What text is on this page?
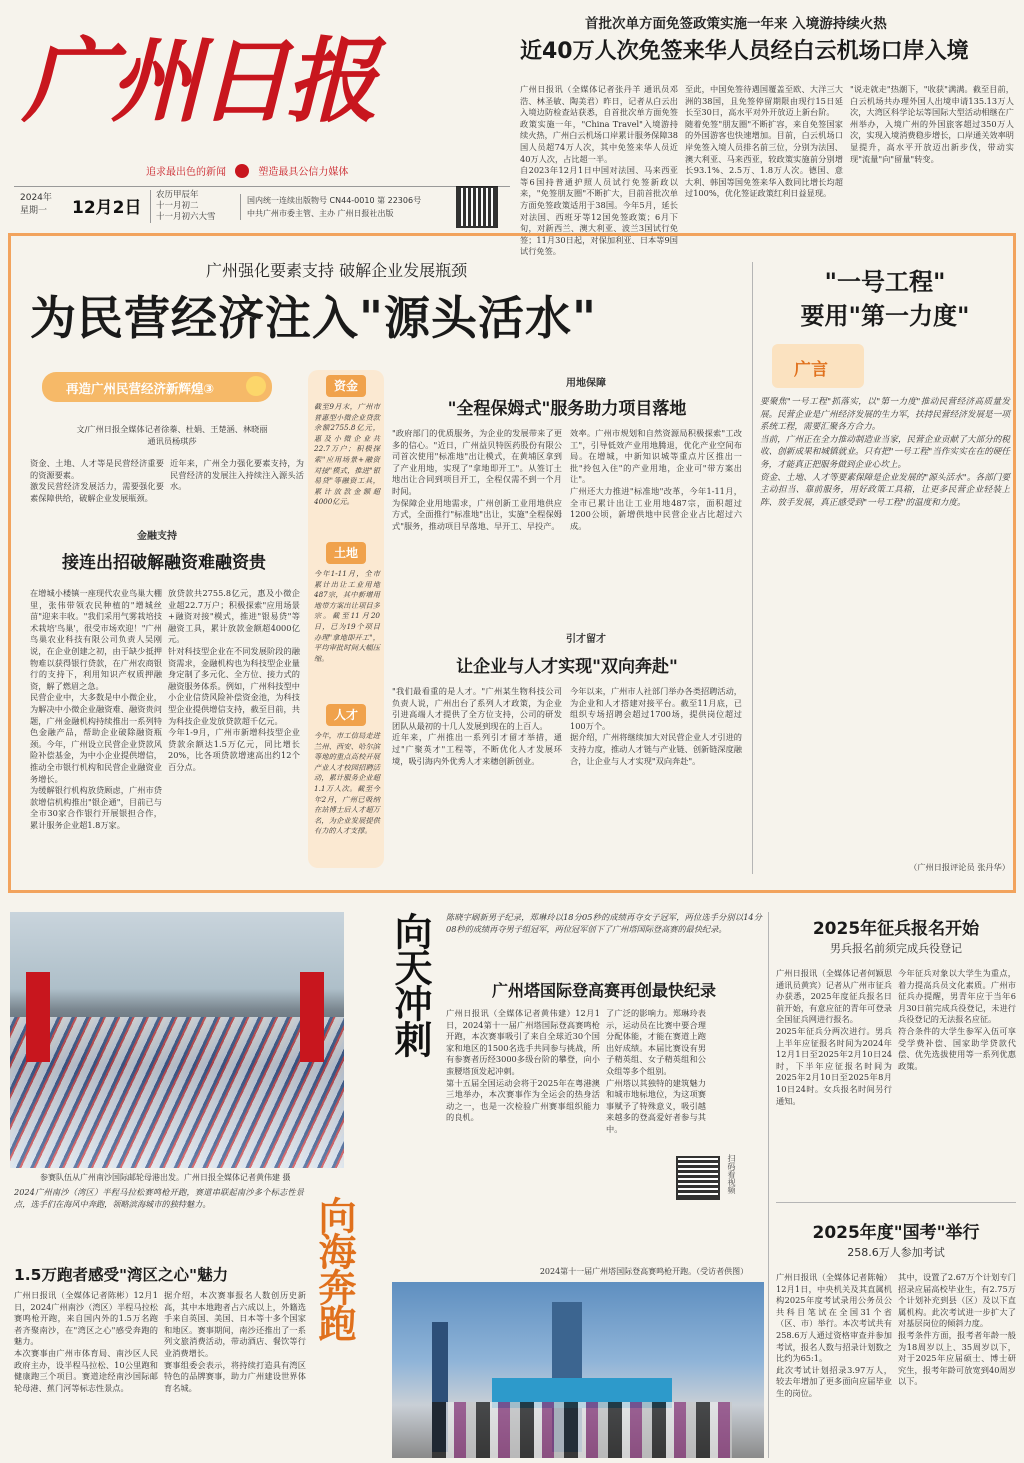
广州日报
追求最出色的新闻	塑造最具公信力媒体
2024年
星期一 12月2日
农历甲辰年
十一月初二
十一月初六大雪
国内统一连续出版物号 CN44-0010 第 22306号
中共广州市委主管、主办 广州日报社出版
首批次单方面免签政策实施一年来 入境游持续火热
近40万人次免签来华人员经白云机场口岸入境
广州日报讯（全媒体记者张丹羊 通讯员邓浩、林圣敏、陶美君）昨日，记者从白云出入境边防检查站获悉，自首批次单方面免签政策实施一年，"China Travel"入境游持续火热，广州白云机场口岸累计服务保障38国人员超74万人次，其中免签来华人员近40万人次，占比超一半。
自2023年12月1日中国对法国、马来西亚等6国持普通护照人员试行免签新政以来，"免签朋友圈"不断扩大，目前首批次单方面免签政策适用于38国。今年5月，延长对法国、西班牙等12国免签政策；6月下旬，对新西兰、澳大利亚、波兰3国试行免签；11月30日起，对保加利亚、日本等9国试行免签。
至此，中国免签待遇国覆盖至欧、大洋三大洲的38国，且免签停留期限由现行15日延长至30日，高水平对外开放迈上新台阶。
随着免签"朋友圈"不断扩容，来自免签国家的外国游客也快速增加。目前，白云机场口岸免签入境人员排名前三位，分别为法国、澳大利亚、马来西亚，较政策实施前分别增长93.1%、2.5万、1.8万人次。德国、意大利、韩国等国免签来华入数同比增长均超过100%，优化签证政策红利日益显现。
"说走就走"热潮下，"收获"满满。截至目前，白云机场共办理外国人出境申请135.13万人次，大湾区科学论坛等国际大型活动相继在广州举办，入境广州的外国旅客超过350万人次，实现入境消费稳步增长，口岸通关效率明显提升，高水平开放迈出新步伐，带动实现"流量"向"留量"转变。
广州强化要素支持 破解企业发展瓶颈
为民营经济注入"源头活水"
再造广州民营经济新辉煌③
文/广州日报全媒体记者徐蓁、杜娟、王楚涵、林晓丽
通讯员杨琪莎
资金、土地、人才等是民营经济重要的资源要素。
激发民营经济发展活力，需要强化要素保障供给，破解企业发展瓶颈。
近年来，广州全力强化要素支持，为民营经济的发展注入持续注入源头活水。
金融支持
接连出招破解融资难融资贵
在增城小楼镇一座现代农业鸟巢大棚里，张伟带领农民种植的"增城丝苗"迎来丰收。"我们采用气雾栽培技术栽培'鸟巢'，很受市场欢迎！"广州鸟巢农业科技有限公司负责人吴刚说，在企业创建之初，由于缺少抵押物难以获得银行贷款，在广州农商银行的支持下，利用知识产权质押融资，解了燃眉之急。
民营企业中，大多数是中小微企业，为解决中小微企业融资难、融资贵问题，广州金融机构持续推出一系列特色金融产品，帮助企业破除融资瓶颈。今年，广州设立民营企业贷款风险补偿基金，为中小企业提供增信，推动全市银行机构和民营企业融资业务增长。
为缓解银行机构放贷顾虑，广州市贷款增信机构推出"银企通"，目前已与全市30家合作银行开展银担合作，累计服务企业超1.8万家。
放贷款共2755.8亿元，惠及小微企业超22.7万户；积极探索"应用场景+融资对接"模式，推进"银易贷"等融资工具，累计放款金额超4000亿元。
针对科技型企业在不同发展阶段的融资需求，金融机构也为科技型企业量身定制了多元化、全方位、接力式的融资服务体系。例如，广州科技型中小企业信贷风险补偿资金池，为科技型企业提供增信支持，截至目前，共为科技企业发放贷款超千亿元。
今年1-9月，广州市新增科技型企业贷款余额达1.5万亿元，同比增长20%，比各项贷款增速高出约12个百分点。
资金
截至9月末，广州市普惠型小微企业贷款余额2755.8亿元，惠及小微企业共22.7万户；积极探索"应用场景+融资对接"模式，推进"银易贷"等融资工具，累计放款金额超4000亿元。
土地
今年1-11月，全市累计出让工业用地487宗，其中新增用地带方案出让项目多宗。截至11月20日，已为19个项目办理"拿地即开工"，平均审批时间大幅压缩。
人才
今年，市工信局走进兰州、西安、哈尔滨等地的重点高校开展产业人才校园招聘活动，累计服务企业超1.1万人次。截至今年2月，广州已吸纳在站博士后人才超万名，为企业发展提供有力的人才支撑。
用地保障
"全程保姆式"服务助力项目落地
"政府部门的优质服务，为企业的发展带来了更多的信心。"近日，广州益贝特医药股份有限公司首次使用"标准地"出让模式，在黄埔区拿到了产业用地，实现了"拿地即开工"。从签订土地出让合同到项目开工，全程仅需不到一个月时间。
为保障企业用地需求，广州创新工业用地供应方式，全面推行"标准地"出让，实施"全程保姆式"服务，推动项目早落地、早开工、早投产。
效率。广州市规划和自然资源局积极探索"工改工"，引导低效产业用地腾退，优化产业空间布局。在增城，中新知识城等重点片区推出一批"拎包入住"的产业用地，企业可"带方案出让"。
广州还大力推进"标准地"改革，今年1-11月，全市已累计出让工业用地487宗，面积超过1200公顷，新增供地中民营企业占比超过六成。
引才留才
让企业与人才实现"双向奔赴"
"我们最看重的是人才。"广州某生物科技公司负责人说，广州出台了系列人才政策，为企业引进高端人才提供了全方位支持，公司的研发团队从最初的十几人发展到现在的上百人。
近年来，广州推出一系列引才留才举措，通过"广聚英才"工程等，不断优化人才发展环境，吸引海内外优秀人才来穗创新创业。
今年以来，广州市人社部门举办各类招聘活动，为企业和人才搭建对接平台。截至11月底，已组织专场招聘会超过1700场，提供岗位超过100万个。
据介绍，广州将继续加大对民营企业人才引进的支持力度，推动人才链与产业链、创新链深度融合，让企业与人才实现"双向奔赴"。
"一号工程"
要用"第一力度"
广言
要聚焦"一号工程"抓落实，以"第一力度"推动民营经济高质量发展。民营企业是广州经济发展的生力军，扶持民营经济发展是一项系统工程，需要汇聚各方合力。
当前，广州正在全力推动制造业当家，民营企业贡献了大部分的税收、创新成果和城镇就业。只有把"一号工程"当作实实在在的硬任务，才能真正把服务做到企业心坎上。
资金、土地、人才等要素保障是企业发展的"源头活水"。各部门要主动担当、靠前服务，用好政策工具箱，让更多民营企业轻装上阵、放手发展，真正感受到"一号工程"的温度和力度。
（广州日报评论员 张丹华）
参赛队伍从广州南沙国际邮轮母港出发。广州日报全媒体记者黄伟建 摄
2024广州南沙（湾区）半程马拉松赛鸣枪开跑，赛道串联起南沙多个标志性景点，选手们在海风中奔跑，领略滨海城市的独特魅力。
1.5万跑者感受"湾区之心"魅力
广州日报讯（全媒体记者陈彬）12月1日，2024广州南沙（湾区）半程马拉松赛鸣枪开跑，来自国内外的1.5万名跑者齐聚南沙，在"湾区之心"感受奔跑的魅力。
本次赛事由广州市体育局、南沙区人民政府主办，设半程马拉松、10公里跑和健康跑三个项目。赛道途经南沙国际邮轮母港、蕉门河等标志性景点。
据介绍，本次赛事报名人数创历史新高，其中本地跑者占六成以上，外籍选手来自英国、美国、日本等十多个国家和地区。赛事期间，南沙还推出了一系列文旅消费活动，带动酒店、餐饮等行业消费增长。
赛事组委会表示，将持续打造具有湾区特色的品牌赛事，助力广州建设世界体育名城。
向天冲刺
向海奔跑
陈晓宇刷新男子纪录，郑琳玲以18分05秒的成绩再夺女子冠军，两位选手分别以14分08秒的成绩再夺男子组冠军，两位冠军创下了广州塔国际登高赛的最快纪录。
广州塔国际登高赛再创最快纪录
广州日报讯（全媒体记者黄伟建）12月1日，2024第十一届广州塔国际登高赛鸣枪开跑，本次赛事吸引了来自全球近30个国家和地区的1500名选手共同参与挑战，所有参赛者历经3000多级台阶的攀登，向小蛮腰塔顶发起冲刺。
第十五届全国运动会将于2025年在粤港澳三地举办，本次赛事作为全运会的热身活动之一，也是一次检验广州赛事组织能力的良机。
了广泛的影响力。郑琳玲表示，运动员在比赛中要合理分配体能，才能在赛道上跑出好成绩。本届比赛设有男子精英组、女子精英组和公众组等多个组别。
广州塔以其独特的建筑魅力和城市地标地位，为这项赛事赋予了特殊意义，吸引越来越多的登高爱好者参与其中。
扫码看视频
2024第十一届广州塔国际登高赛鸣枪开跑。（受访者供图）
2025年征兵报名开始
男兵报名前须完成兵役登记
广州日报讯（全媒体记者何颖思 通讯员黄宾）记者从广州市征兵办获悉，2025年度征兵报名日前开始，有意应征的青年可登录全国征兵网进行报名。
2025年征兵分两次进行。男兵上半年应征报名时间为2024年12月1日至2025年2月10日24时，下半年应征报名时间为2025年2月10日至2025年8月10日24时。女兵报名时间另行通知。
今年征兵对象以大学生为重点，着力提高兵员文化素质。广州市征兵办提醒，男青年应于当年6月30日前完成兵役登记，未进行兵役登记的无法报名应征。
符合条件的大学生参军入伍可享受学费补偿、国家助学贷款代偿、优先选拔使用等一系列优惠政策。
2025年度"国考"举行
258.6万人参加考试
广州日报讯（全媒体记者陈翰）12月1日，中央机关及其直属机构2025年度考试录用公务员公共科目笔试在全国31个省（区、市）举行。本次考试共有258.6万人通过资格审查并参加考试，报名人数与招录计划数之比约为65:1。
此次考试计划招录3.97万人，较去年增加了更多面向应届毕业生的岗位。
其中，设置了2.67万个计划专门招录应届高校毕业生，有2.75万个计划补充到县（区）及以下直属机构。此次考试进一步扩大了对基层岗位的倾斜力度。
报考条件方面，报考者年龄一般为18周岁以上、35周岁以下，对于2025年应届硕士、博士研究生，报考年龄可放宽到40周岁以下。
